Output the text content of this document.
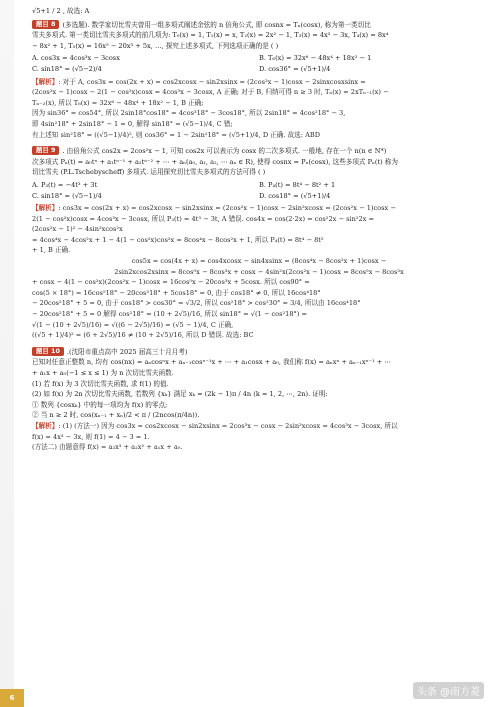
√5+1 / 2 , 故选: A
题目 8	(多选题). 数学家切比雪夫曾用一组多项式阐述余弦的 n 倍角公式, 即 cosnx = Tₙ(cosx), 称为第一类切比
雪夫多项式. 第一类切比雪夫多项式的前几项为: T₀(x) = 1, T₁(x) = x, T₂(x) = 2x² − 1, T₃(x) = 4x³ − 3x, T₄(x) = 8x⁴
− 8x² + 1, T₅(x) = 16x⁵ − 20x³ + 5x, …, 探究上述多项式, 下列选项正确的是 ( )
A. cos3x = 4cos³x − 3cosx	B. T₆(x) = 32x⁶ − 48x⁴ + 18x² − 1
C. sin18° = (√5−2)/4	D. cos36° = (√5+1)/4
【解析】: 对于 A, cos3x = cos(2x + x) = cos2xcosx − sin2xsinx = (2cos²x − 1)cosx − 2sinxcosxsinx =
(2cos²x − 1)cosx − 2(1 − cos²x)cosx = 4cos³x − 3cosx, A 正确; 对于 B, 归纳可得 n ≥ 3 时, Tₙ(x) = 2xTₙ₋₁(x) −
Tₙ₋₂(x), 所以 T₆(x) = 32x⁶ − 48x⁴ + 18x² − 1, B 正确;
因为 sin36° = cos54°, 所以 2sin18°cos18° = 4cos³18° − 3cos18°, 所以 2sin18° = 4cos²18° − 3,
即 4sin²18° + 2sin18° − 1 = 0, 解得 sin18° = (√5−1)/4, C 错;
有上述知 sin²18° = ((√5−1)/4)², 则 cos36° = 1 − 2sin²18° = (√5+1)/4, D 正确. 故选: ABD
题目 9	. 由倍角公式 cos2x = 2cos²x − 1, 可知 cos2x 可以表示为 cosx 的二次多项式. 一般地, 存在一个 n(n ∈ N*)
次多项式 Pₙ(t) = a₀tⁿ + a₁tⁿ⁻¹ + a₂tⁿ⁻² + ⋯ + aₙ(a₀, a₁, a₂, ⋯ aₙ ∈ R), 使得 cosnx = Pₙ(cosx), 这些多项式 Pₙ(t) 称为
切比雪夫 (P.L.Tschebyscheff) 多项式. 运用探究切比雪夫多项式的方法可得 ( )
A. P₃(t) = −4t³ + 3t	B. P₄(t) = 8t⁴ − 8t² + 1
C. sin18° = (√5−1)/4	D. cos18° = (√5+1)/4
【解析】: cos3x = cos(2x + x) = cos2xcosx − sin2xsinx = (2cos²x − 1)cosx − 2sin²xcosx = (2cos²x − 1)cosx −
2(1 − cos²x)cosx = 4cos³x − 3cosx, 所以 P₃(t) = 4t³ − 3t, A 错误. cos4x = cos(2·2x) = cos²2x − sin²2x =
(2cos²x − 1)² − 4sin²xcos²x
= 4cos⁴x − 4cos²x + 1 − 4(1 − cos²x)cos²x = 8cos⁴x − 8cos²x + 1, 所以 P₄(t) = 8t⁴ − 8t²
+ 1, B 正确.
cos5x = cos(4x + x) = cos4xcosx − sin4xsinx = (8cos⁴x − 8cos²x + 1)cosx −
2sin2xcos2xsinx = 8cos⁵x − 8cos³x + cosx − 4sin²x(2cos²x − 1)cosx = 8cos⁵x − 8cos³x
+ cosx − 4(1 − cos²x)(2cos²x − 1)cosx = 16cos⁵x − 20cos³x + 5cosx. 所以 cos90° =
cos(5 × 18°) = 16cos⁵18° − 20cos³18° + 5cos18° = 0, 由于 cos18° ≠ 0, 所以 16cos⁴18°
− 20cos²18° + 5 = 0, 由于 cos18° > cos30° = √3/2, 所以 cos²18° > cos²30° = 3/4, 所以由 16cos⁴18°
− 20cos²18° + 5 = 0 解得 cos²18° = (10 + 2√5)/16, 所以 sin18° = √(1 − cos²18°) =
√(1 − (10 + 2√5)/16) = √((6 − 2√5)/16) = (√5 − 1)/4, C 正确,
((√5 + 1)/4)² = (6 + 2√5)/16 ≠ (10 + 2√5)/16, 所以 D 错误. 故选: BC
题目 10	.(沈阳市重点高中 2025 届高三十月月考)
已知对任意正整数 n, 均有 cos(nx) = aₙcosⁿx + aₙ₋₁cosⁿ⁻¹x + ⋯ + a₁cosx + a₀, 我们称 f(x) = aₙxⁿ + aₙ₋₁xⁿ⁻¹ + ⋯
+ a₁x + a₀(−1 ≤ x ≤ 1) 为 n 次切比雪夫函数.
(1) 若 f(x) 为 3 次切比雪夫函数, 求 f(1) 的值.
(2) 如 f(x) 为 2n 次切比雪夫函数, 若数列 {xₖ} 满足 xₖ = (2k − 1)π / 4n (k = 1, 2, ⋯, 2n). 证明:
① 数列 {cosxₖ} 中的每一项均为 f(x) 的零点;
② 当 n ≥ 2 时, cos(xₙ₋₁ + xₙ)/2 < π / (2ncos(π/4n)).
【解析】: (1) (方法一) 因为 cos3x = cos2xcosx − sin2xsinx = 2cos³x − cosx − 2sin²xcosx = 4cos³x − 3cosx, 所以
f(x) = 4x³ − 3x, 则 f(1) = 4 − 3 = 1.
(方法二) 由题意得 f(x) = a₃x³ + a₂x² + a₁x + a₀.
6	头条 @南方菱
